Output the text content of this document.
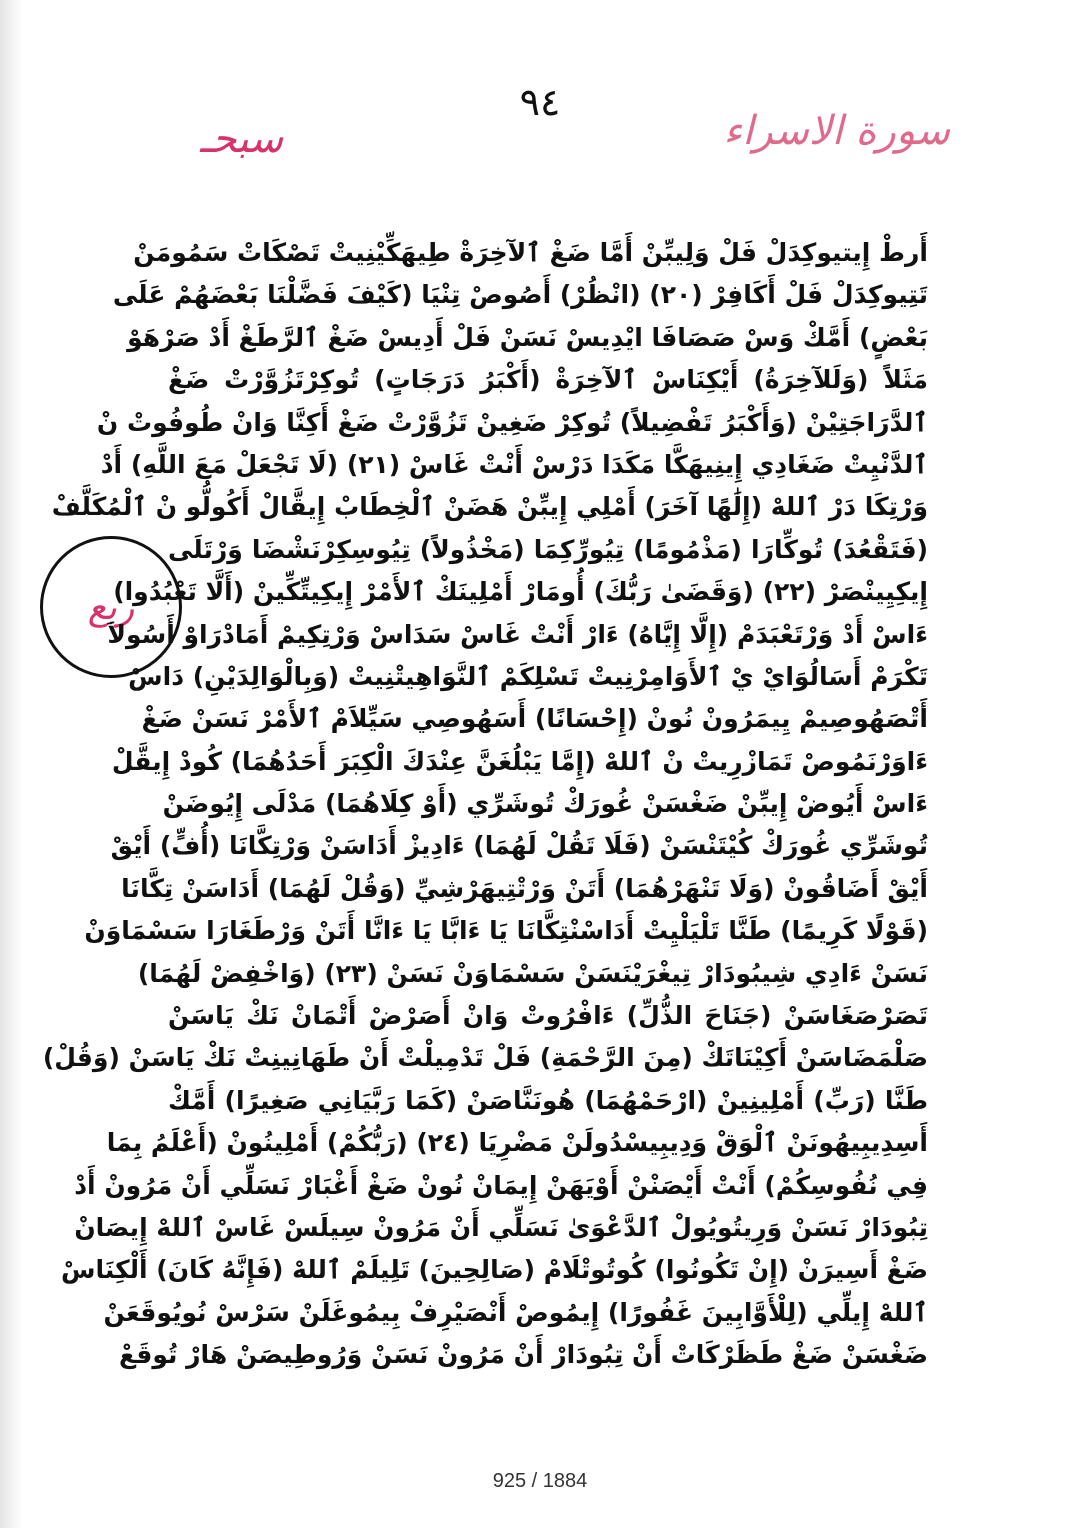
٩٤
سورة الاسراء
سبحـ
ربع
أَرطْ إِيتيوكِدَلْ فَلْ وَلِيبِّنْ أَمَّا ضَغْ ٱلآخِرَةْ طِيهَكِّيْنِيتْ تَصْكَاتْ سَمُومَنْ
تَتِيوكِدَلْ فَلْ أَكَافِرْ (٢٠) (انْظُرْ) أَصُوصْ تِنْيَا (كَيْفَ فَضَّلْنَا بَعْضَهُمْ عَلَى
بَعْضٍ) أَمَّكْ وَسْ صَصَافَا ايْدِيسْ نَسَنْ فَلْ أَدِيسْ ضَغْ ٱلرَّطَغْ أَدْ صَرْهَوْ
مَثَلاً (وَلَلآخِرَةُ) أَيْكِنَاسْ ٱلآخِرَةْ (أَكْبَرُ دَرَجَاتٍ) تُوكِرْتَزُوَّرْتْ ضَغْ
ٱلدَّرَاجَتِيْنْ (وَأَكْبَرُ تَفْضِيلاً) تُوكِرْ ضَغِينْ تَزُوَّرْتْ ضَغْ أَكِنَّا وَانْ طُوفُوتْ نْ
ٱلدَّنْيِتْ ضَغَادِي إِينِيهَكَّا مَكَدَا دَرْسْ أَنْتْ غَاسْ (٢١) (لَا تَجْعَلْ مَعَ اللَّهِ) أَدْ
وَرْتِكَا دَرْ ٱللهْ (إِلَٰهًا آخَرَ) أَمْلِي إِيبِّنْ هَضَنْ ٱلْخِطَابْ إِيقَّالْ أَكُولُّو نْ ٱلْمُكَلَّفْ
(فَتَقْعُدَ) تُوكِّارَا (مَذْمُومًا) تِيُورِّكِمَا (مَخْذُولاً) تِيُوسِكِرْنَشْضَا وَرْتَلَى
إِيكِيِينْصَرْ (٢٢) (وَقَضَىٰ رَبُّكَ) أُومَارْ أَمْلِينَكْ ٱلأَمْرْ إِيكِيتِّكِّينْ (أَلَّا تَعْبُدُوا)
ءَاسْ أَدْ وَرْتَعْبَدَمْ (إِلَّا إِيَّاهُ) ءَارْ أَنْتْ غَاسْ سَدَاسْ وَرْتِكِيمْ أَمَادْرَاوْ أَسُولاَ
تَكْرَمْ أَسَالُوَايْ يْ ٱلأَوَامِرْنِيتْ تَسْلِكَمْ ٱلنَّوَاهِيتْنِيتْ (وَبِالْوَالِدَيْنِ) دَاسْ
أَتْصَهُوصِيمْ يِيمَرُونْ نُونْ (إِحْسَانًا) أَسَهُوصِي سَيِّلاَمْ ٱلأَمْرْ نَسَنْ ضَغْ
ءَاوَرْنَمُوصْ تَمَازْرِيتْ نْ ٱللهْ (إِمَّا يَبْلُغَنَّ عِنْدَكَ الْكِبَرَ أَحَدُهُمَا) كُودْ إِيقَّلْ
ءَاسْ أَيُوضْ إِيبِّنْ ضَغْسَنْ غُورَكْ تُوشَرِّي (أَوْ كِلَاهُمَا) مَدْلَى إِيُوضَنْ
تُوشَرِّي غُورَكْ كُيْتَنْسَنْ (فَلَا تَقُلْ لَهُمَا) ءَادِيزْ أَدَاسَنْ وَرْتِكَّانَا (أُفٍّ) أَيْقْ
أَيْقْ أَضَاقُونْ (وَلَا تَنْهَرْهُمَا) أَتَنْ وَرْتْتِيهَرْشِيِّ (وَقُلْ لَهُمَا) أَدَاسَنْ تِكَّانَا
(قَوْلًا كَرِيمًا) طَنَّا تَلْيَلْيِتْ أَدَاسْنْتِكَّانَا يَا ءَابَّا يَا ءَانَّا أَتَنْ وَرْطَغَارَا سَسْمَاوَنْ
نَسَنْ ءَادِي شِيبُودَارْ تِيغْرَيْنَسَنْ سَسْمَاوَنْ نَسَنْ (٢٣) (وَاخْفِضْ لَهُمَا)
تَصَرْصَغَاسَنْ (جَنَاحَ الذُّلِّ) ءَافْرُوتْ وَانْ أَصَرْضْ أَتْمَانْ نَكْ يَاسَنْ
صَلْمَضَاسَنْ أَكِيْنَاتَكْ (مِنَ الرَّحْمَةِ) فَلْ تَدْمِيلْتْ أَنْ طَهَانِينِتْ نَكْ يَاسَنْ (وَقُلْ)
طَنَّا (رَبِّ) أَمْلِينِينْ (ارْحَمْهُمَا) هُونَنَّاصَنْ (كَمَا رَبَّيَانِي صَغِيرًا) أَمَّكْ
أَسِدِيبِيهُونَنْ ٱلْوَقْ وَدِيبِيسْدُولَنْ مَضْرِيَا (٢٤) (رَبُّكُمْ) أَمْلِينُونْ (أَعْلَمُ بِمَا
فِي نُفُوسِكُمْ) أَنْتْ أَيْصَنْنْ أَوْيَهَنْ إِيمَانْ نُونْ ضَغْ أَغْبَارْ نَسَلِّي أَنْ مَرُونْ أَدْ
تِبُودَارْ نَسَنْ وَرِيتُويُولْ ٱلدَّعْوَىٰ نَسَلِّي أَنْ مَرُونْ سِيلَسْ غَاسْ ٱللهْ إِيصَانْ
ضَغْ أَسِيرَنْ (إِنْ تَكُونُوا) كُوتُوتْلَامْ (صَالِحِينَ) تَلِيلَمْ ٱللهْ (فَإِنَّهُ كَانَ) أَلْكِنَاسْ
ٱللهْ إِيلِّي (لِلْأَوَّابِينَ غَفُورًا) إِيمُوصْ أَنْصَيْرِفْ بِيمُوغَلَنْ سَرْسْ نُويُوقَعَنْ
ضَغْسَنْ ضَغْ طَظَرْكَاتْ أَنْ تِبُودَارْ أَنْ مَرُونْ نَسَنْ وَرُوطِيصَنْ هَارْ تُوقَعْ
925 / 1884
